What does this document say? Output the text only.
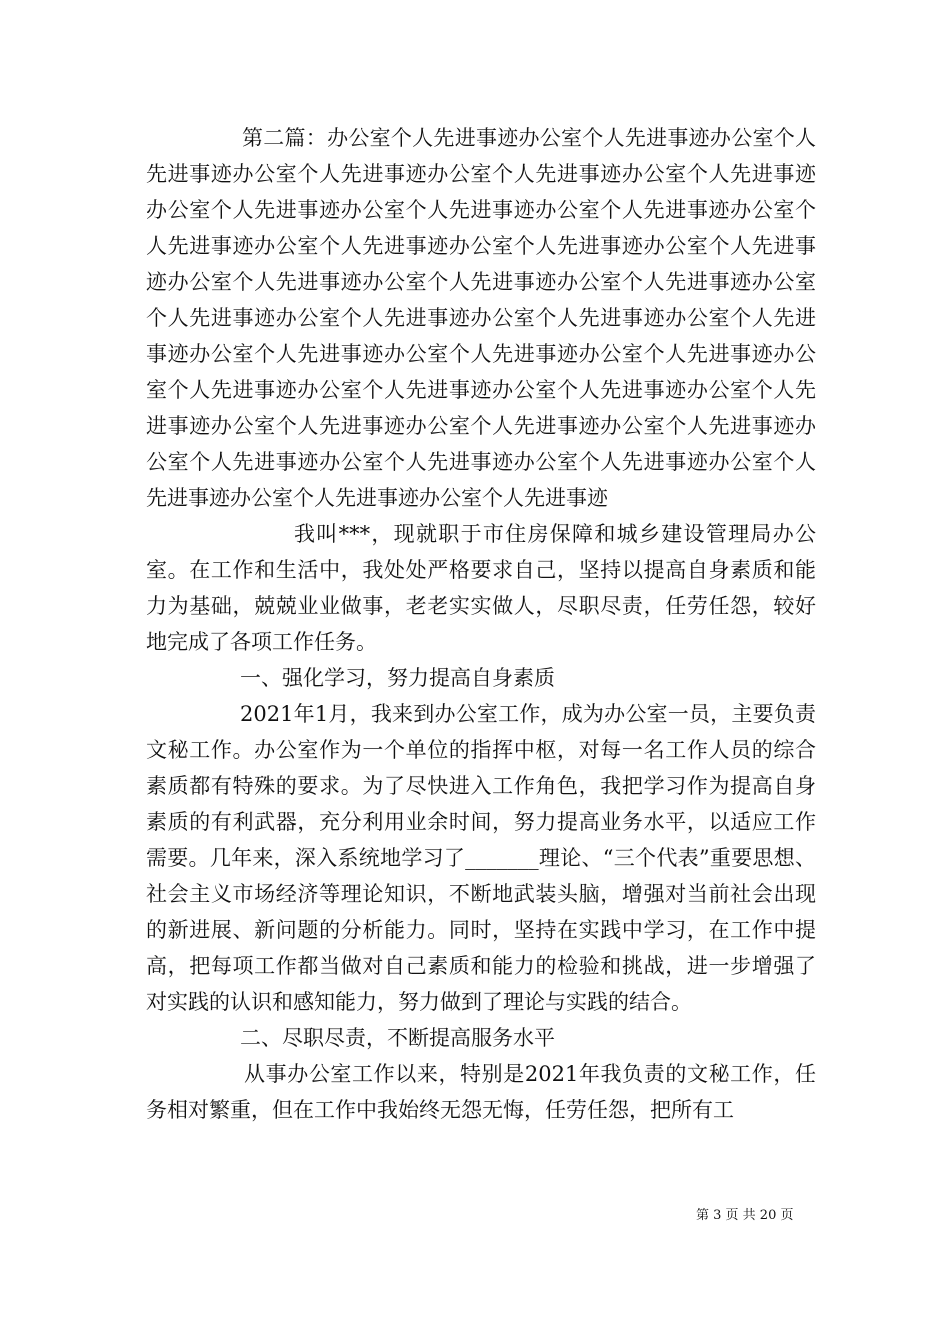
第二篇：办公室个人先进事迹办公室个人先进事迹办公室个人先进事迹办公室个人先进事迹办公室个人先进事迹办公室个人先进事迹办公室个人先进事迹办公室个人先进事迹办公室个人先进事迹办公室个人先进事迹办公室个人先进事迹办公室个人先进事迹办公室个人先进事迹办公室个人先进事迹办公室个人先进事迹办公室个人先进事迹办公室个人先进事迹办公室个人先进事迹办公室个人先进事迹办公室个人先进事迹办公室个人先进事迹办公室个人先进事迹办公室个人先进事迹办公室个人先进事迹办公室个人先进事迹办公室个人先进事迹办公室个人先进事迹办公室个人先进事迹办公室个人先进事迹办公室个人先进事迹办公室个人先进事迹办公室个人先进事迹办公室个人先进事迹办公室个人先进事迹办公室个人先进事迹办公室个人先进事迹

我叫***，现就职于市住房保障和城乡建设管理局办公室。在工作和生活中，我处处严格要求自己，坚持以提高自身素质和能力为基础，兢兢业业做事，老老实实做人，尽职尽责，任劳任怨，较好地完成了各项工作任务。

一、强化学习，努力提高自身素质

2021年1月，我来到办公室工作，成为办公室一员，主要负责文秘工作。办公室作为一个单位的指挥中枢，对每一名工作人员的综合素质都有特殊的要求。为了尽快进入工作角色，我把学习作为提高自身素质的有利武器，充分利用业余时间，努力提高业务水平，以适应工作需要。几年来，深入系统地学习了_______理论、“三个代表”重要思想、社会主义市场经济等理论知识，不断地武装头脑，增强对当前社会出现的新进展、新问题的分析能力。同时，坚持在实践中学习，在工作中提高，把每项工作都当做对自己素质和能力的检验和挑战，进一步增强了对实践的认识和感知能力，努力做到了理论与实践的结合。

二、尽职尽责，不断提高服务水平

从事办公室工作以来，特别是2021年我负责的文秘工作，任务相对繁重，但在工作中我始终无怨无悔，任劳任怨，把所有工

第 3 页 共 20 页
